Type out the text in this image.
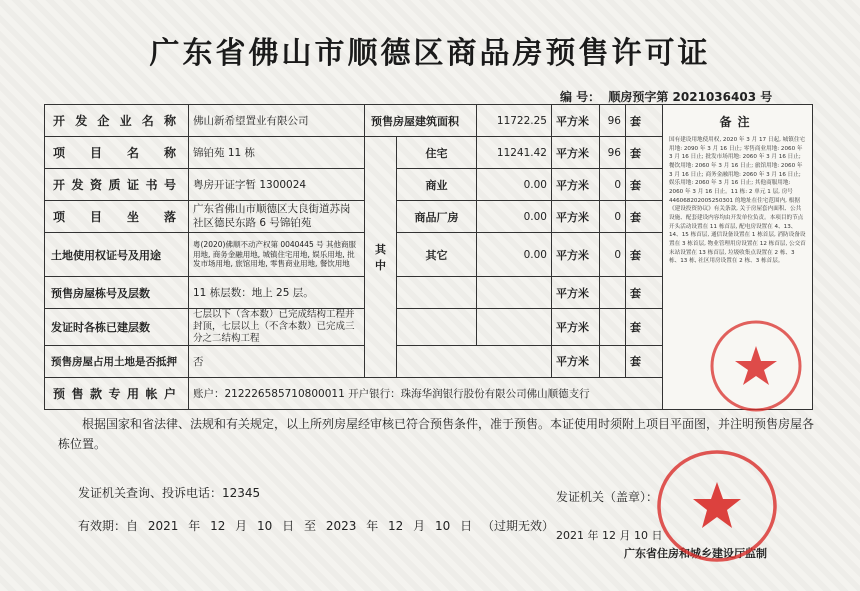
广东省佛山市顺德区商品房预售许可证
编 号： 顺房预字第 2021036403 号
开发企业名称	佛山新希望置业有限公司	预售房屋建筑面积		11722.25	平方米	96	套	备注
国有建设用地使用权, 2020 年 3 月 17 日起, 城镇住宅用地: 2090 年 3 月 16 日止; 零售商业用地: 2060 年 3 月 16 日止; 批发市场用地: 2060 年 3 月 16 日止; 餐饮用地: 2060 年 3 月 16 日止; 旅馆用地: 2060 年 3 月 16 日止; 商务金融用地: 2060 年 3 月 16 日止; 娱乐用地: 2060 年 3 月 16 日止; 其他商服用地: 2060 年 3 月 16 日止。11 栋: 2 单元 1 层, 房号 446068202005250301 的地址在住宅范围内, 根据《建设投资协议》有关条款, 关于房屋套内面积、公共设施、配套建设内容均由开发单位负责。本项目的节点开头活动设置在 11 栋首层, 配电房设置在 4、13、14、15 栋首层, 通信设备设置在 1 栋首层, 消防设备设置在 3 栋首层, 物业管理用房设置在 12 栋首层, 公交首末站设置在 13 栋首层, 垃圾收集点设置在 2 栋、3 栋、13 栋, 社区用房设置在 2 栋、3 栋首层。

项目名称	锦铂苑 11 栋	其中	住宅	11241.42	平方米	96	套	
开发资质证书号	粤房开证字暂 1300024		商业	0.00	平方米	0	套	
项目坐落	广东省佛山市顺德区大良街道苏岗社区德民东路 6 号锦铂苑		商品厂房	0.00	平方米	0	套	
土地使用权证号及用途	粤(2020)佛顺不动产权第 0040445 号 其他商服用地, 商务金融用地, 城镇住宅用地, 娱乐用地, 批发市场用地, 旅馆用地, 零售商业用地, 餐饮用地		其它	0.00	平方米	0	套	
预售房屋栋号及层数	11 栋层数：地上 25 层。				平方米		套	
发证时各栋已建层数	七层以下（含本数）已完成结构工程并封顶，七层以上（不含本数）已完成三分之二结构工程				平方米		套	
预售房屋占用土地是否抵押	否				平方米		套	
预售款专用帐户	账户：212226585710800011 开户银行：珠海华润银行股份有限公司佛山顺德支行							
根据国家和省法律、法规和有关规定，以上所列房屋经审核已符合预售条件，准于预售。本证使用时须附上项目平面图，并注明预售房屋各栋位置。
发证机关查询、投诉电话：12345
有效期：自 2021 年 12 月 10 日 至 2023 年 12 月 10 日 （过期无效）
发证机关（盖章）：
2021 年 12 月 10 日
广东省住房和城乡建设厅监制
